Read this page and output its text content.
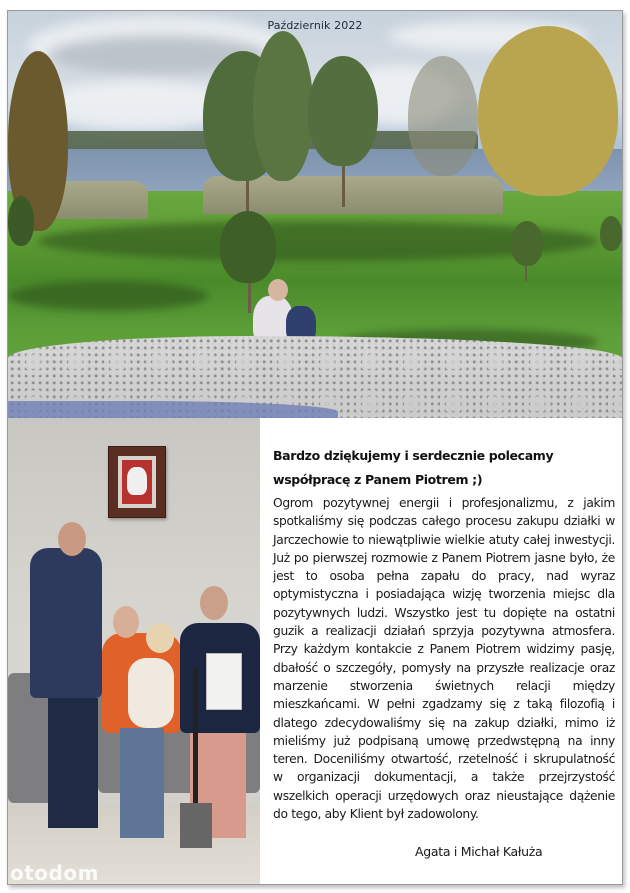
Październik 2022
otodom
Bardzo dziękujemy i serdecznie polecamy współpracę z Panem Piotrem ;)
Ogrom pozytywnej energii i profesjonalizmu, z jakim spotkaliśmy się podczas całego procesu zakupu działki w Jarczechowie to niewątpliwie wielkie atuty całej inwestycji. Już po pierwszej rozmowie z Panem Piotrem jasne było, że jest to osoba pełna zapału do pracy, nad wyraz optymistyczna i posiadająca wizję tworzenia miejsc dla pozytywnych ludzi. Wszystko jest tu dopięte na ostatni guzik a realizacji działań sprzyja pozytywna atmosfera. Przy każdym kontakcie z Panem Piotrem widzimy pasję, dbałość o szczegóły, pomysły na przyszłe realizacje oraz marzenie stworzenia świetnych relacji między mieszkańcami. W pełni zgadzamy się z taką filozofią i dlatego zdecydowaliśmy się na zakup działki, mimo iż mieliśmy już podpisaną umowę przedwstępną na inny teren. Doceniliśmy otwartość, rzetelność i skrupulatność w organizacji dokumentacji, a także przejrzystość wszelkich operacji urzędowych oraz nieustające dążenie do tego, aby Klient był zadowolony.
Agata i Michał Kałuża
